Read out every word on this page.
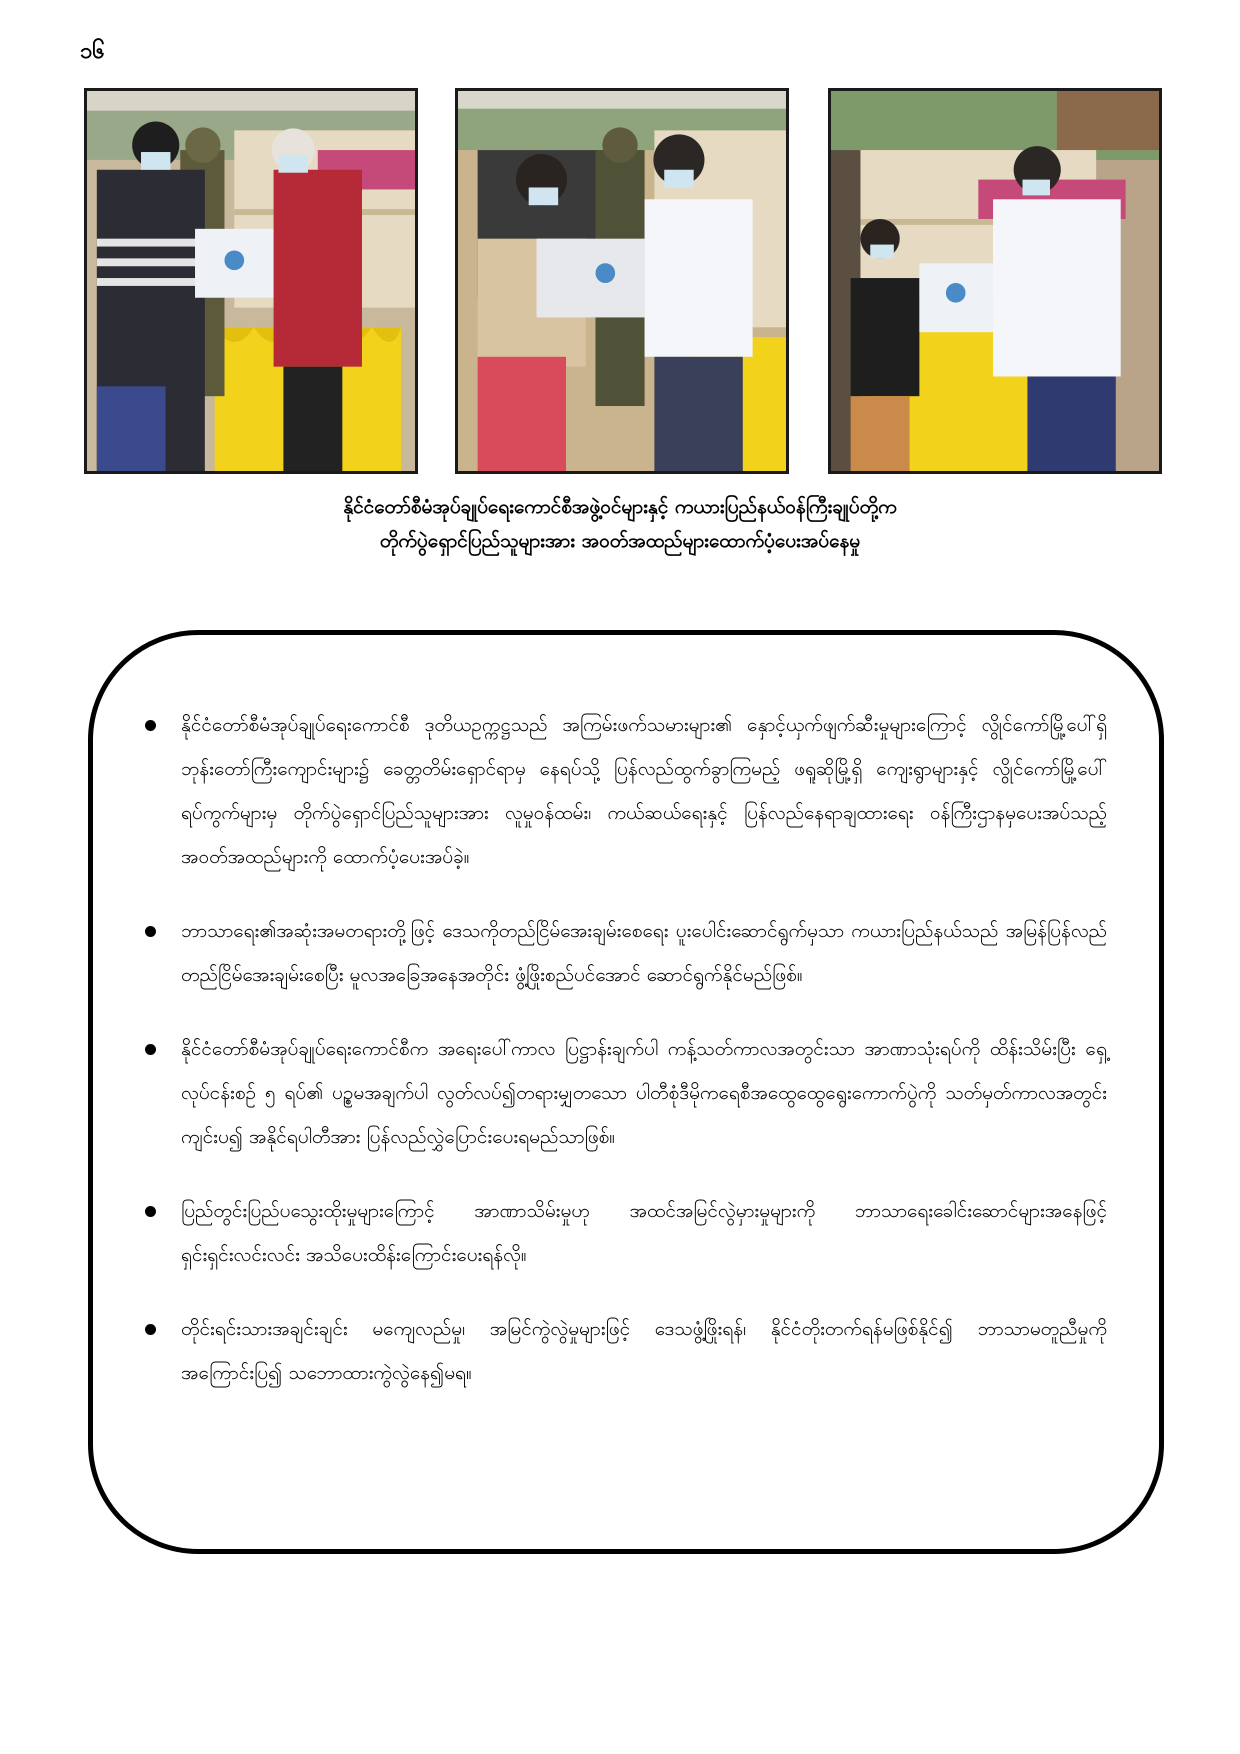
၁၆
နိုင်ငံတော်စီမံအုပ်ချုပ်ရေးကောင်စီအဖွဲ့ဝင်များနှင့် ကယားပြည်နယ်ဝန်ကြီးချုပ်တို့က
တိုက်ပွဲရှောင်ပြည်သူများအား အဝတ်အထည်များထောက်ပံ့ပေးအပ်နေမှု
နိုင်ငံတော်စီမံအုပ်ချုပ်ရေးကောင်စီ ဒုတိယဥက္ကဋ္ဌသည် အကြမ်းဖက်သမားများ၏ နှောင့်ယှက်ဖျက်ဆီးမှုများကြောင့် လွိုင်ကော်မြို့ပေါ်ရှိ ဘုန်းတော်ကြီးကျောင်းများ၌ ခေတ္တတိမ်းရှောင်ရာမှ နေရပ်သို့ ပြန်လည်ထွက်ခွာကြမည့် ဖရူဆိုမြို့ရှိ ကျေးရွာများနှင့် လွိုင်ကော်မြို့ပေါ်ရပ်ကွက်များမှ တိုက်ပွဲရှောင်ပြည်သူများအား လူမှုဝန်ထမ်း၊ ကယ်ဆယ်ရေးနှင့် ပြန်လည်နေရာချထားရေး ဝန်ကြီးဌာနမှပေးအပ်သည့် အဝတ်အထည်များကို ထောက်ပံ့ပေးအပ်ခဲ့။
ဘာသာရေး၏အဆုံးအမတရားတို့ဖြင့် ဒေသကိုတည်ငြိမ်အေးချမ်းစေရေး ပူးပေါင်းဆောင်ရွက်မှသာ ကယားပြည်နယ်သည် အမြန်ပြန်လည်တည်ငြိမ်အေးချမ်းစေပြီး မူလအခြေအနေအတိုင်း ဖွံ့ဖြိုးစည်ပင်အောင် ဆောင်ရွက်နိုင်မည်ဖြစ်။
နိုင်ငံတော်စီမံအုပ်ချုပ်ရေးကောင်စီက အရေးပေါ်ကာလ ပြဋ္ဌာန်းချက်ပါ ကန့်သတ်ကာလအတွင်းသာ အာဏာသုံးရပ်ကို ထိန်းသိမ်းပြီး ရှေ့လုပ်ငန်းစဉ် ၅ ရပ်၏ ပဉ္စမအချက်ပါ လွတ်လပ်၍တရားမျှတသော ပါတီစုံဒီမိုကရေစီအထွေထွေရွေးကောက်ပွဲကို သတ်မှတ်ကာလအတွင်းကျင်းပ၍ အနိုင်ရပါတီအား ပြန်လည်လွှဲပြောင်းပေးရမည်သာဖြစ်။
ပြည်တွင်းပြည်ပသွေးထိုးမှုများကြောင့် အာဏာသိမ်းမှုဟု အထင်အမြင်လွဲမှားမှုများကို ဘာသာရေးခေါင်းဆောင်များအနေဖြင့် ရှင်းရှင်းလင်းလင်း အသိပေးထိန်းကြောင်းပေးရန်လို။
တိုင်းရင်းသားအချင်းချင်း မကျေလည်မှု၊ အမြင်ကွဲလွဲမှုများဖြင့် ဒေသဖွံ့ဖြိုးရန်၊ နိုင်ငံတိုးတက်ရန်မဖြစ်နိုင်၍ ဘာသာမတူညီမှုကို အကြောင်းပြ၍ သဘောထားကွဲလွဲနေ၍မရ။
